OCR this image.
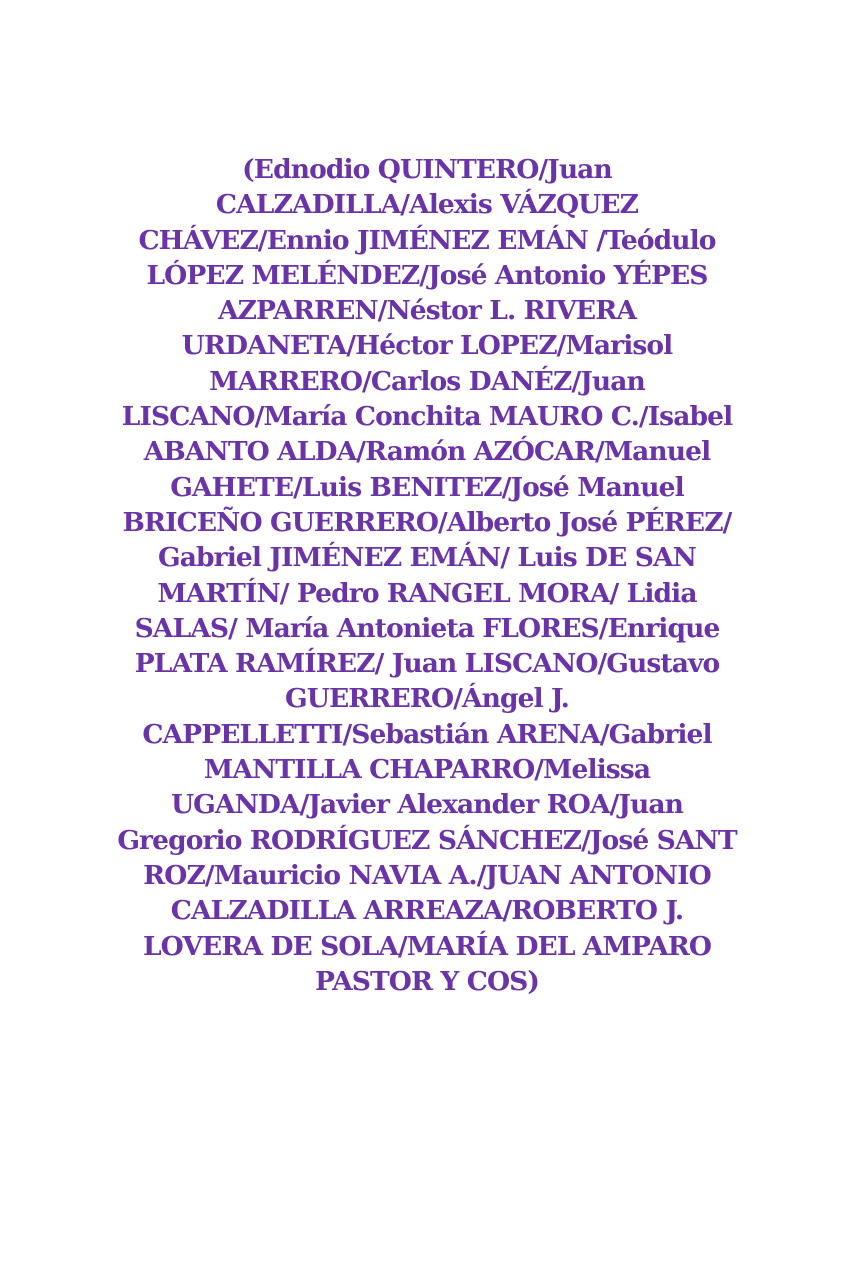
(Ednodio QUINTERO/Juan
CALZADILLA/Alexis VÁZQUEZ
CHÁVEZ/Ennio JIMÉNEZ EMÁN /Teódulo
LÓPEZ MELÉNDEZ/José Antonio YÉPES
AZPARREN/Néstor L. RIVERA
URDANETA/Héctor LOPEZ/Marisol
MARRERO/Carlos DANÉZ/Juan
LISCANO/María Conchita MAURO C./Isabel
ABANTO ALDA/Ramón AZÓCAR/Manuel
GAHETE/Luis BENITEZ/José Manuel
BRICEÑO GUERRERO/Alberto José PÉREZ/
Gabriel JIMÉNEZ EMÁN/ Luis DE SAN
MARTÍN/ Pedro RANGEL MORA/ Lidia
SALAS/ María Antonieta FLORES/Enrique
PLATA RAMÍREZ/ Juan LISCANO/Gustavo
GUERRERO/Ángel J.
CAPPELLETTI/Sebastián ARENA/Gabriel
MANTILLA CHAPARRO/Melissa
UGANDA/Javier Alexander ROA/Juan
Gregorio RODRÍGUEZ SÁNCHEZ/José SANT
ROZ/Mauricio NAVIA A./JUAN ANTONIO
CALZADILLA ARREAZA/ROBERTO J.
LOVERA DE SOLA/MARÍA DEL AMPARO
PASTOR Y COS)
